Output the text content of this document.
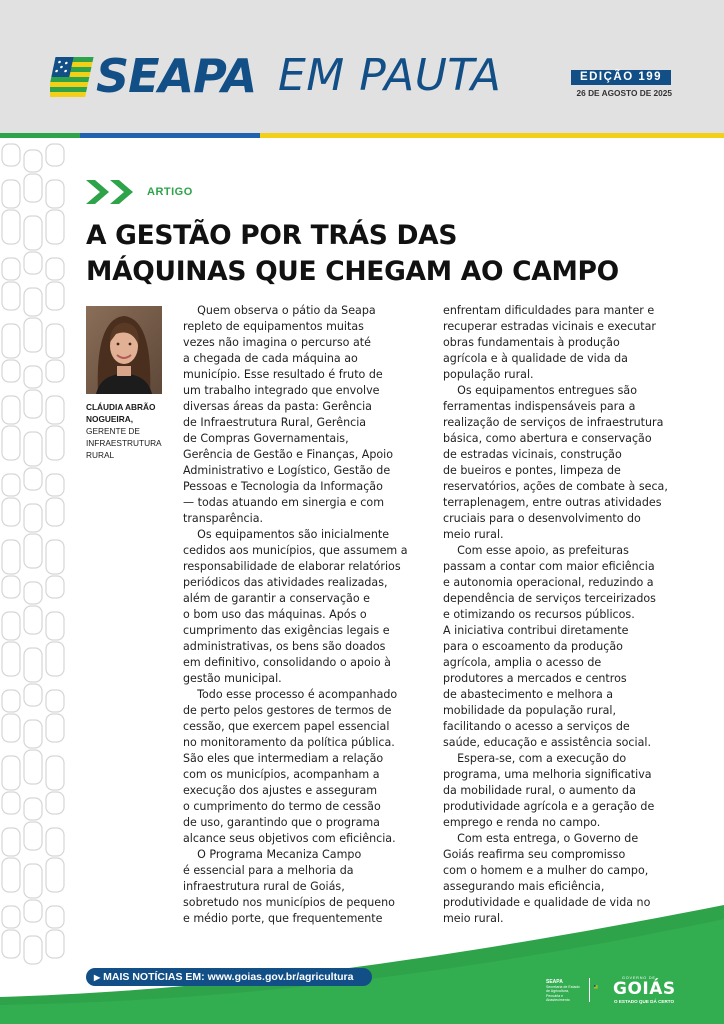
SEAPA EM PAUTA	EDIÇÃO 199
26 DE AGOSTO DE 2025
ARTIGO
A GESTÃO POR TRÁS DAS
MÁQUINAS QUE CHEGAM AO CAMPO
CLÁUDIA ABRÃO
NOGUEIRA,
GERENTE DE
INFRAESTRUTURA
RURAL
Quem observa o pátio da Seapa
repleto de equipamentos muitas
vezes não imagina o percurso até
a chegada de cada máquina ao
município. Esse resultado é fruto de
um trabalho integrado que envolve
diversas áreas da pasta: Gerência
de Infraestrutura Rural, Gerência
de Compras Governamentais,
Gerência de Gestão e Finanças, Apoio
Administrativo e Logístico, Gestão de
Pessoas e Tecnologia da Informação
— todas atuando em sinergia e com
transparência.
Os equipamentos são inicialmente
cedidos aos municípios, que assumem a
responsabilidade de elaborar relatórios
periódicos das atividades realizadas,
além de garantir a conservação e
o bom uso das máquinas. Após o
cumprimento das exigências legais e
administrativas, os bens são doados
em definitivo, consolidando o apoio à
gestão municipal.
Todo esse processo é acompanhado
de perto pelos gestores de termos de
cessão, que exercem papel essencial
no monitoramento da política pública.
São eles que intermediam a relação
com os municípios, acompanham a
execução dos ajustes e asseguram
o cumprimento do termo de cessão
de uso, garantindo que o programa
alcance seus objetivos com eficiência.
O Programa Mecaniza Campo
é essencial para a melhoria da
infraestrutura rural de Goiás,
sobretudo nos municípios de pequeno
e médio porte, que frequentemente
enfrentam dificuldades para manter e
recuperar estradas vicinais e executar
obras fundamentais à produção
agrícola e à qualidade de vida da
população rural.
Os equipamentos entregues são
ferramentas indispensáveis para a
realização de serviços de infraestrutura
básica, como abertura e conservação
de estradas vicinais, construção
de bueiros e pontes, limpeza de
reservatórios, ações de combate à seca,
terraplenagem, entre outras atividades
cruciais para o desenvolvimento do
meio rural.
Com esse apoio, as prefeituras
passam a contar com maior eficiência
e autonomia operacional, reduzindo a
dependência de serviços terceirizados
e otimizando os recursos públicos.
A iniciativa contribui diretamente
para o escoamento da produção
agrícola, amplia o acesso de
produtores a mercados e centros
de abastecimento e melhora a
mobilidade da população rural,
facilitando o acesso a serviços de
saúde, educação e assistência social.
Espera-se, com a execução do
programa, uma melhoria significativa
da mobilidade rural, o aumento da
produtividade agrícola e a geração de
emprego e renda no campo.
Com esta entrega, o Governo de
Goiás reafirma seu compromisso
com o homem e a mulher do campo,
assegurando mais eficiência,
produtividade e qualidade de vida no
meio rural.
▶ MAIS NOTÍCIAS EM: www.goias.gov.br/agricultura	SEAPA
Secretaria de Estado
de Agricultura,
Pecuária e
Abastecimento
GOVERNO DE
GOIÁS
O ESTADO QUE DÁ CERTO
